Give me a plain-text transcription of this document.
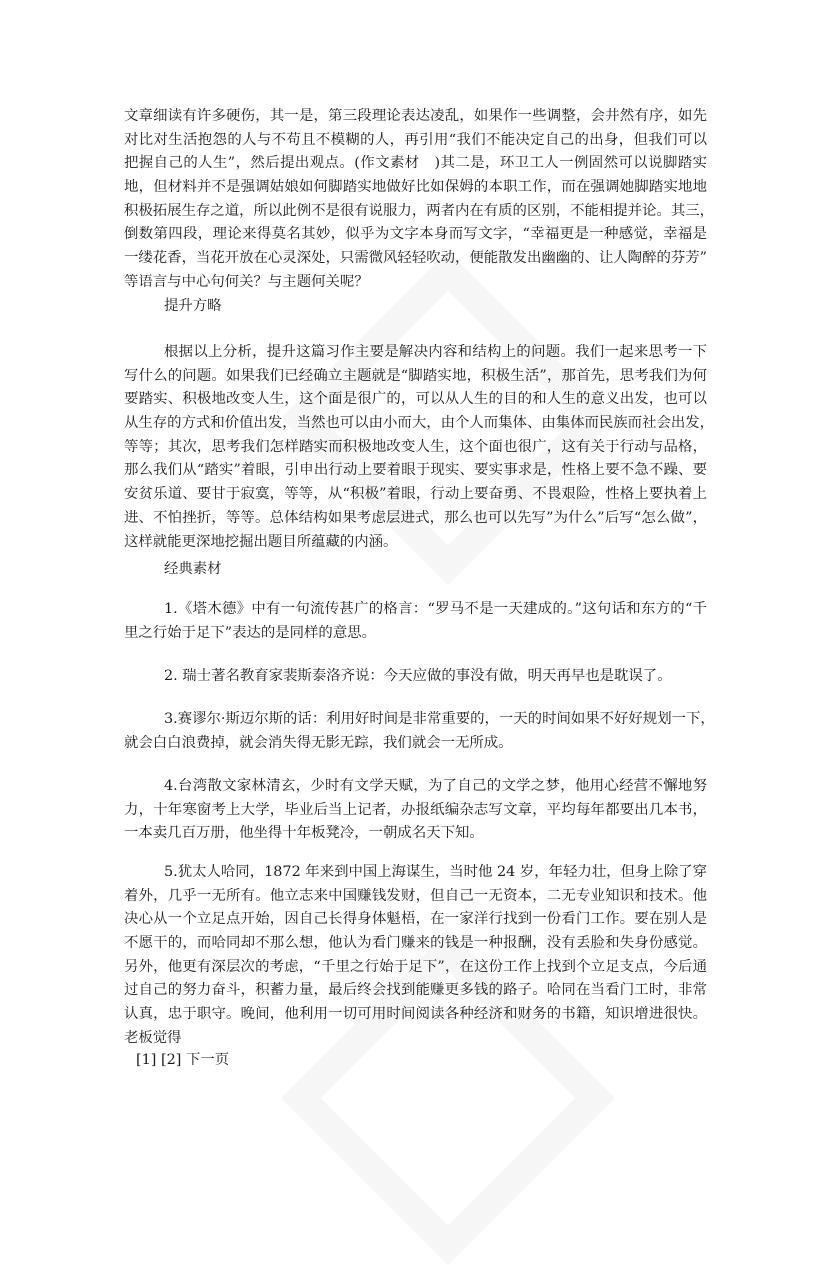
文章细读有许多硬伤，其一是，第三段理论表达凌乱，如果作一些调整，会井然有序，如先
对比对生活抱怨的人与不苟且不模糊的人，再引用“我们不能决定自己的出身，但我们可以
把握自己的人生”，然后提出观点。(作文素材　)其二是，环卫工人一例固然可以说脚踏实
地，但材料并不是强调姑娘如何脚踏实地做好比如保姆的本职工作，而在强调她脚踏实地地
积极拓展生存之道，所以此例不是很有说服力，两者内在有质的区别，不能相提并论。其三，
倒数第四段，理论来得莫名其妙，似乎为文字本身而写文字，“幸福更是一种感觉，幸福是
一缕花香，当花开放在心灵深处，只需微风轻轻吹动，便能散发出幽幽的、让人陶醉的芬芳”
等语言与中心句何关？与主题何关呢？
提升方略
根据以上分析，提升这篇习作主要是解决内容和结构上的问题。我们一起来思考一下
写什么的问题。如果我们已经确立主题就是“脚踏实地，积极生活”，那首先，思考我们为何
要踏实、积极地改变人生，这个面是很广的，可以从人生的目的和人生的意义出发，也可以
从生存的方式和价值出发，当然也可以由小而大，由个人而集体、由集体而民族而社会出发，
等等；其次，思考我们怎样踏实而积极地改变人生，这个面也很广，这有关于行动与品格，
那么我们从“踏实”着眼，引申出行动上要着眼于现实、要实事求是，性格上要不急不躁、要
安贫乐道、要甘于寂寞，等等，从“积极”着眼，行动上要奋勇、不畏艰险，性格上要执着上
进、不怕挫折，等等。总体结构如果考虑层进式，那么也可以先写”为什么”后写“怎么做”，
这样就能更深地挖掘出题目所蕴藏的内涵。
经典素材
1.《塔木德》中有一句流传甚广的格言：“罗马不是一天建成的。”这句话和东方的“千
里之行始于足下”表达的是同样的意思。
2. 瑞士著名教育家裴斯泰洛齐说：今天应做的事没有做，明天再早也是耽误了。
3.赛谬尔·斯迈尔斯的话：利用好时间是非常重要的，一天的时间如果不好好规划一下，
就会白白浪费掉，就会消失得无影无踪，我们就会一无所成。
4.台湾散文家林清玄，少时有文学天赋，为了自己的文学之梦，他用心经营不懈地努
力，十年寒窗考上大学，毕业后当上记者，办报纸编杂志写文章，平均每年都要出几本书，
一本卖几百万册，他坐得十年板凳冷，一朝成名天下知。
5.犹太人哈同，1872 年来到中国上海谋生，当时他 24 岁，年轻力壮，但身上除了穿
着外，几乎一无所有。他立志来中国赚钱发财，但自己一无资本，二无专业知识和技术。他
决心从一个立足点开始，因自己长得身体魁梧，在一家洋行找到一份看门工作。要在别人是
不愿干的，而哈同却不那么想，他认为看门赚来的钱是一种报酬，没有丢脸和失身份感觉。
另外，他更有深层次的考虑，“千里之行始于足下”，在这份工作上找到个立足支点，今后通
过自己的努力奋斗，积蓄力量，最后终会找到能赚更多钱的路子。哈同在当看门工时，非常
认真，忠于职守。晚间，他利用一切可用时间阅读各种经济和财务的书籍，知识增进很快。
老板觉得
[1] [2] 下一页
